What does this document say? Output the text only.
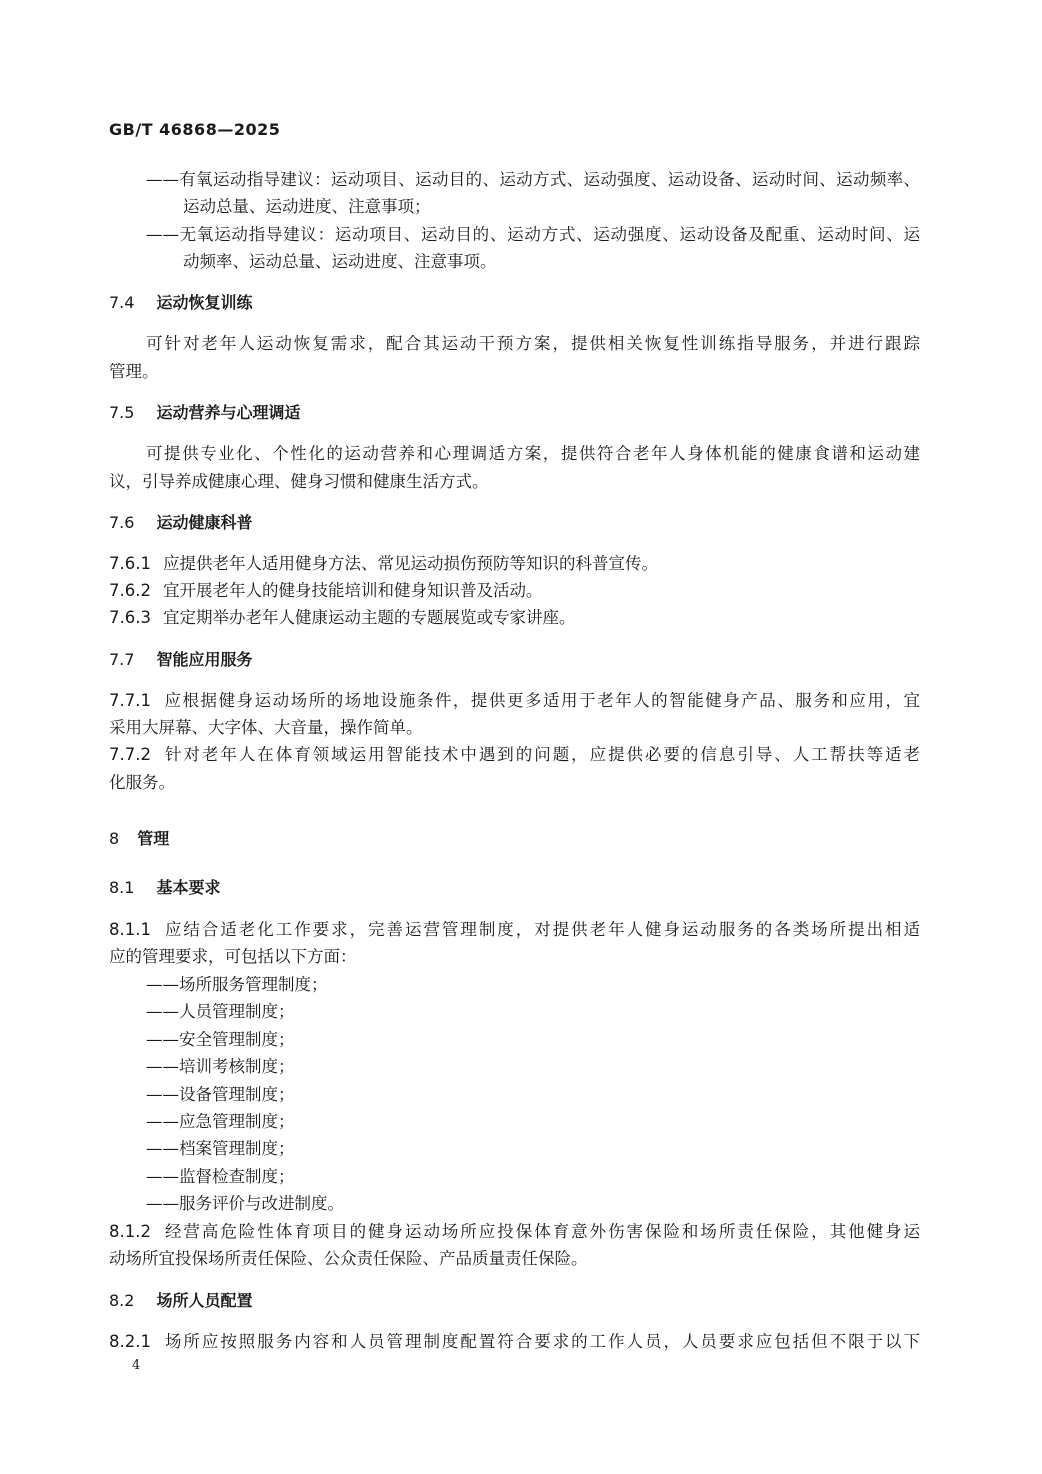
GB/T 46868—2025
——有氧运动指导建议：运动项目、运动目的、运动方式、运动强度、运动设备、运动时间、运动频率、
运动总量、运动进度、注意事项；
——无氧运动指导建议：运动项目、运动目的、运动方式、运动强度、运动设备及配重、运动时间、运
动频率、运动总量、运动进度、注意事项。
7.4 运动恢复训练
可针对老年人运动恢复需求，配合其运动干预方案，提供相关恢复性训练指导服务，并进行跟踪
管理。
7.5 运动营养与心理调适
可提供专业化、个性化的运动营养和心理调适方案，提供符合老年人身体机能的健康食谱和运动建
议，引导养成健康心理、健身习惯和健康生活方式。
7.6 运动健康科普
7.6.1 应提供老年人适用健身方法、常见运动损伤预防等知识的科普宣传。
7.6.2 宜开展老年人的健身技能培训和健身知识普及活动。
7.6.3 宜定期举办老年人健康运动主题的专题展览或专家讲座。
7.7 智能应用服务
7.7.1 应根据健身运动场所的场地设施条件，提供更多适用于老年人的智能健身产品、服务和应用，宜
采用大屏幕、大字体、大音量，操作简单。
7.7.2 针对老年人在体育领域运用智能技术中遇到的问题，应提供必要的信息引导、人工帮扶等适老
化服务。
8 管理
8.1 基本要求
8.1.1 应结合适老化工作要求，完善运营管理制度，对提供老年人健身运动服务的各类场所提出相适
应的管理要求，可包括以下方面：
——场所服务管理制度；
——人员管理制度；
——安全管理制度；
——培训考核制度；
——设备管理制度；
——应急管理制度；
——档案管理制度；
——监督检查制度；
——服务评价与改进制度。
8.1.2 经营高危险性体育项目的健身运动场所应投保体育意外伤害保险和场所责任保险，其他健身运
动场所宜投保场所责任保险、公众责任保险、产品质量责任保险。
8.2 场所人员配置
8.2.1 场所应按照服务内容和人员管理制度配置符合要求的工作人员，人员要求应包括但不限于以下
4
